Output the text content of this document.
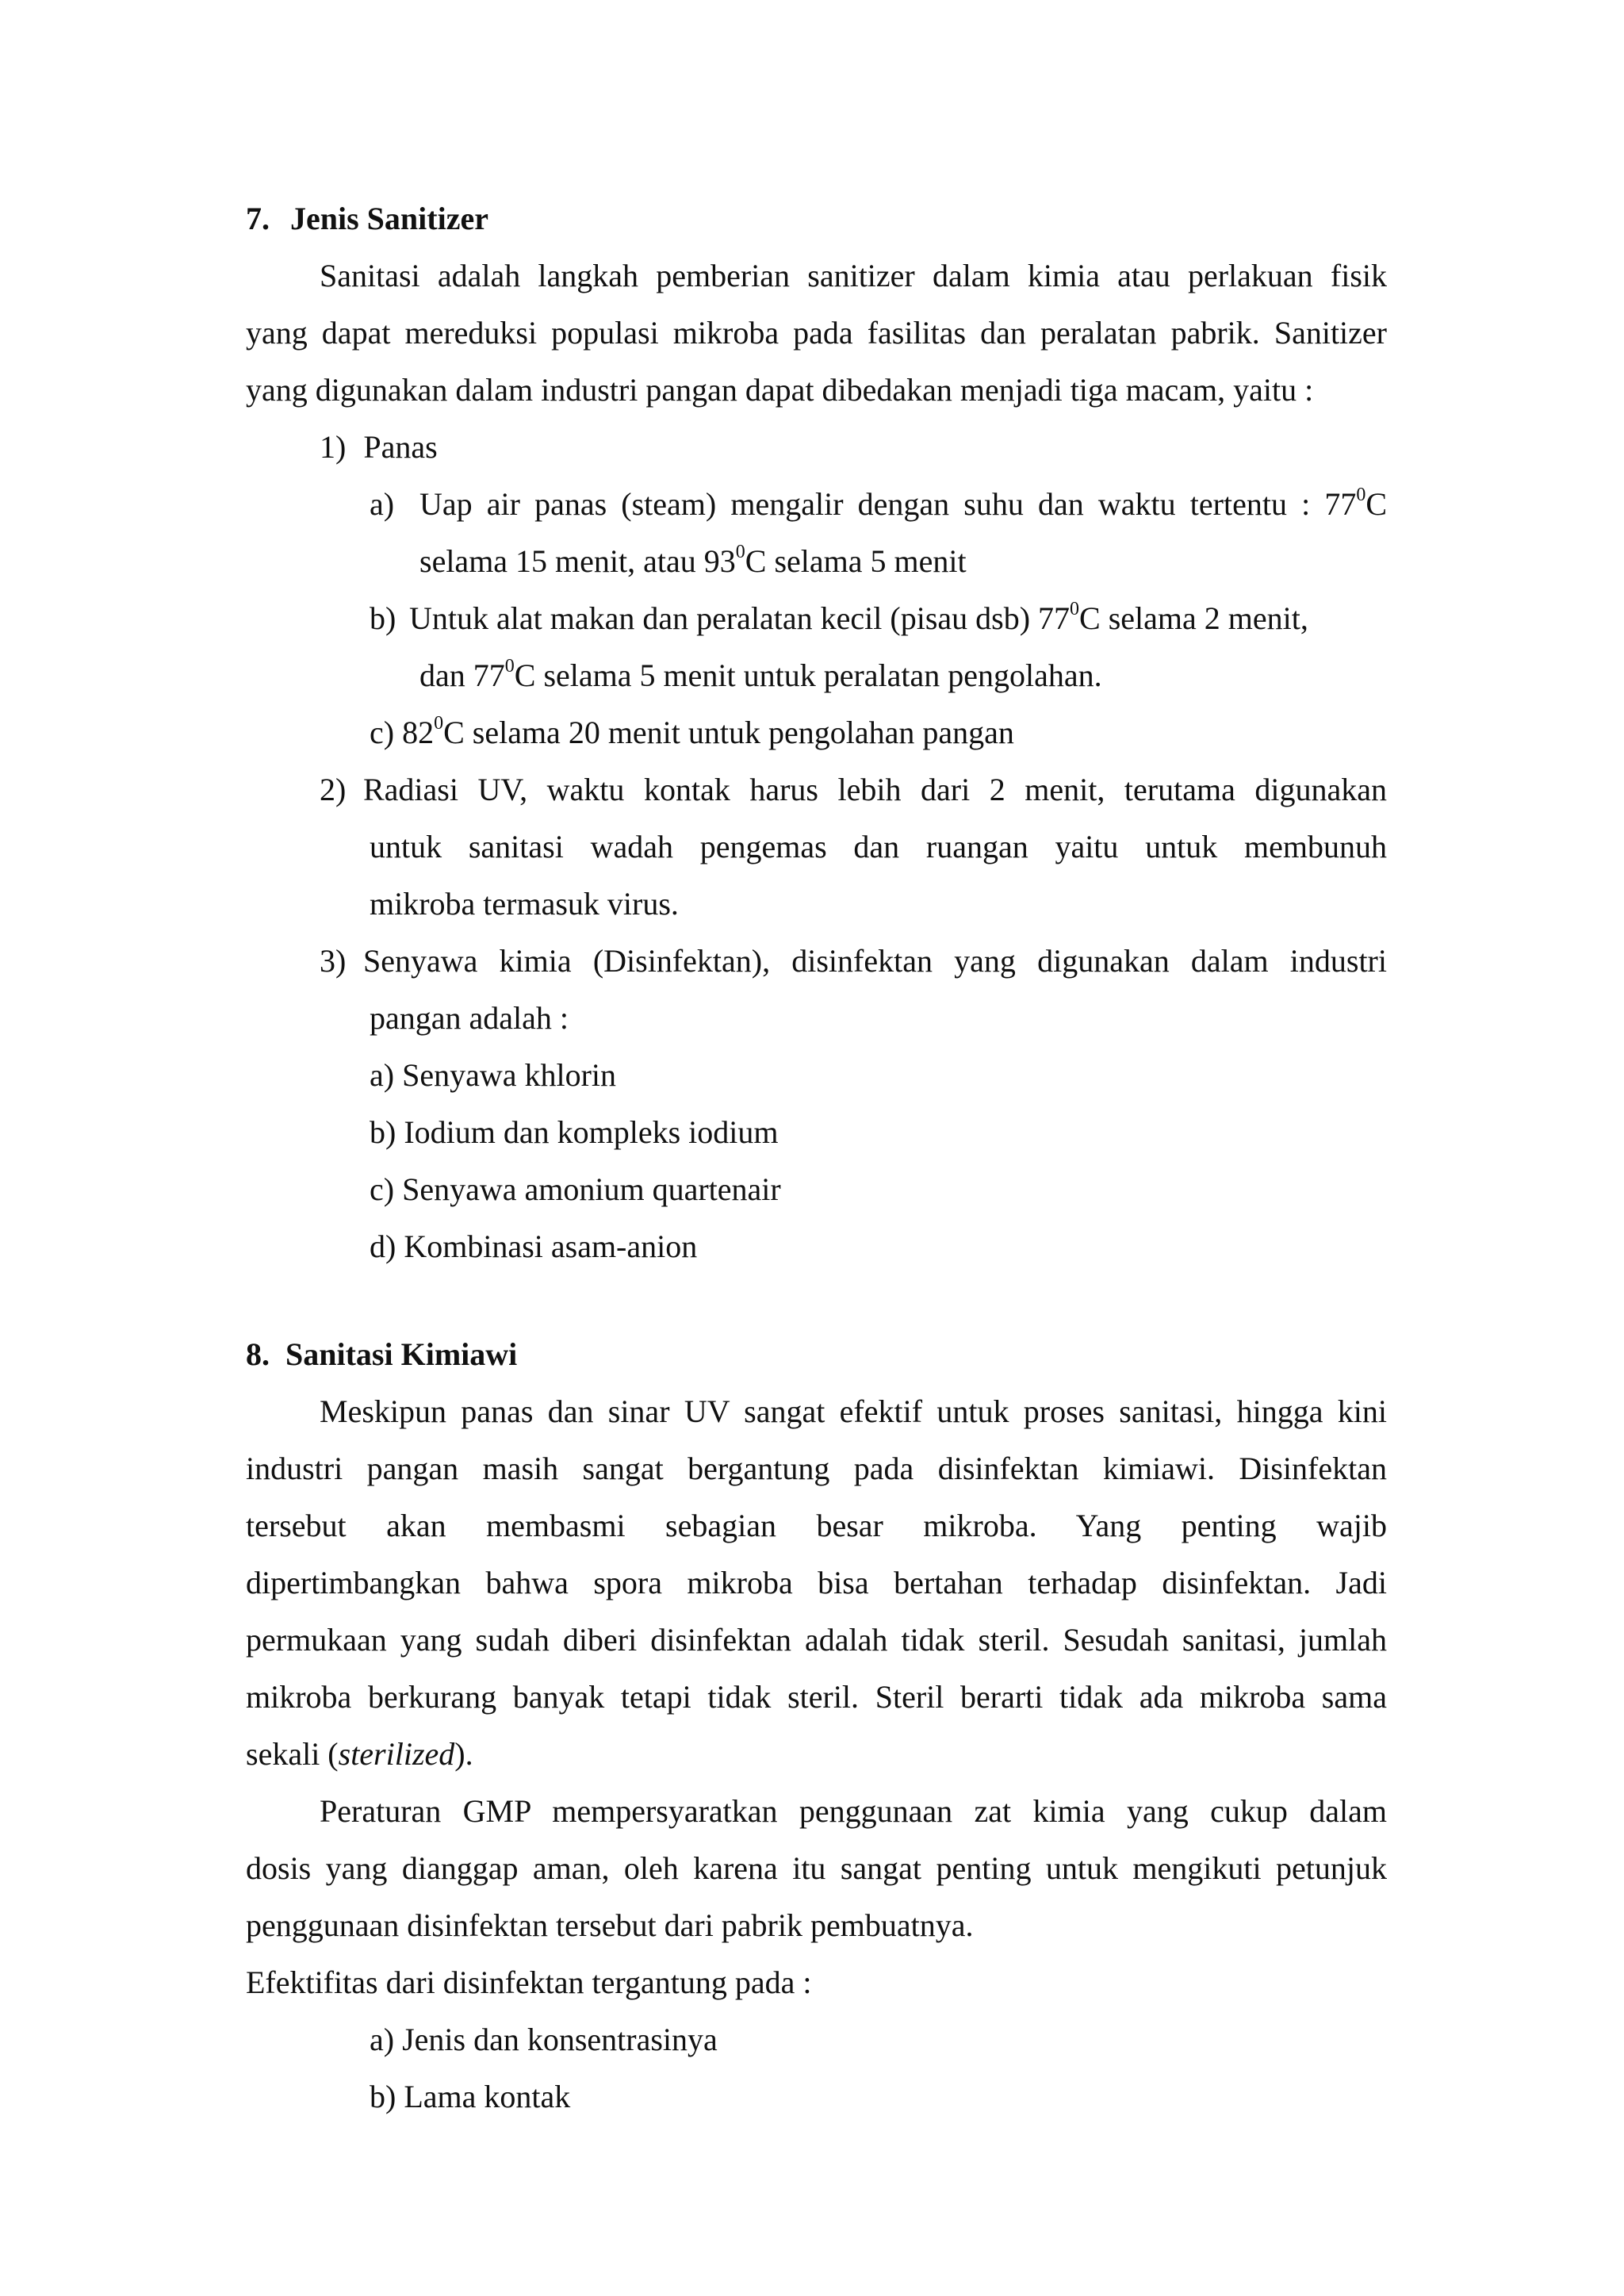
7. Jenis Sanitizer
Sanitasi adalah langkah pemberian sanitizer dalam kimia atau perlakuan fisik
yang dapat mereduksi populasi mikroba pada fasilitas dan peralatan pabrik. Sanitizer
yang digunakan dalam industri pangan dapat dibedakan menjadi tiga macam, yaitu :
1) Panas
a) Uap air panas (steam) mengalir dengan suhu dan waktu tertentu : $77^0C$
selama 15 menit, atau $93^0C$ selama 5 menit
b) Untuk alat makan dan peralatan kecil (pisau dsb) $77^0C$ selama 2 menit,
dan $77^0C$ selama 5 menit untuk peralatan pengolahan.
c) $82^0C$ selama 20 menit untuk pengolahan pangan
2) Radiasi UV, waktu kontak harus lebih dari 2 menit, terutama digunakan
untuk sanitasi wadah pengemas dan ruangan yaitu untuk membunuh
mikroba termasuk virus.
3) Senyawa kimia (Disinfektan), disinfektan yang digunakan dalam industri
pangan adalah :
a) Senyawa khlorin
b) Iodium dan kompleks iodium
c) Senyawa amonium quartenair
d) Kombinasi asam-anion
8. Sanitasi Kimiawi
Meskipun panas dan sinar UV sangat efektif untuk proses sanitasi, hingga kini
industri pangan masih sangat bergantung pada disinfektan kimiawi. Disinfektan
tersebut akan membasmi sebagian besar mikroba. Yang penting wajib
dipertimbangkan bahwa spora mikroba bisa bertahan terhadap disinfektan. Jadi
permukaan yang sudah diberi disinfektan adalah tidak steril. Sesudah sanitasi, jumlah
mikroba berkurang banyak tetapi tidak steril. Steril berarti tidak ada mikroba sama
sekali (sterilized).
Peraturan GMP mempersyaratkan penggunaan zat kimia yang cukup dalam
dosis yang dianggap aman, oleh karena itu sangat penting untuk mengikuti petunjuk
penggunaan disinfektan tersebut dari pabrik pembuatnya.
Efektifitas dari disinfektan tergantung pada :
a) Jenis dan konsentrasinya
b) Lama kontak
